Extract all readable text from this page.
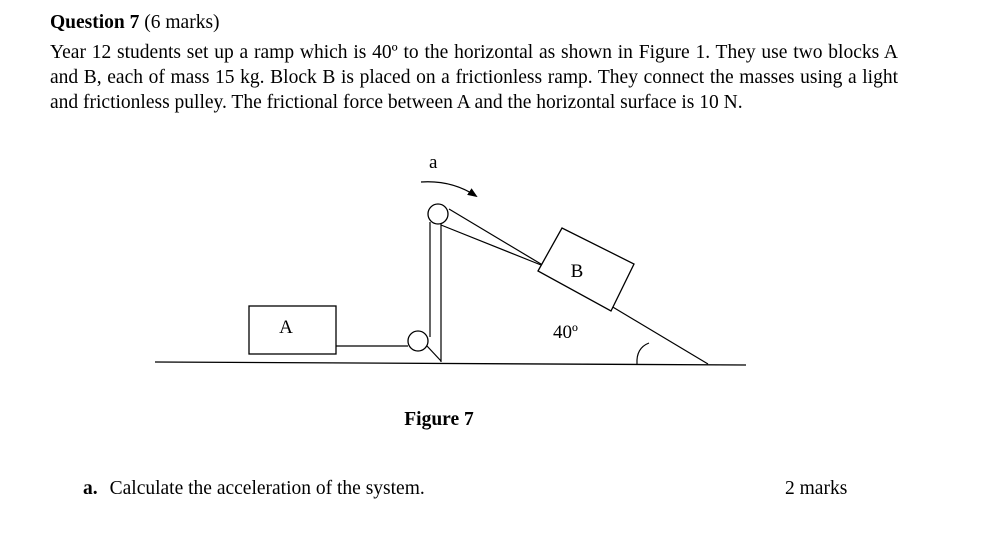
Question 7 (6 marks)
Year 12 students set up a ramp which is 40º to the horizontal as shown in Figure 1. They use two blocks A and B, each of mass 15 kg. Block B is placed on a frictionless ramp. They connect the masses using a light and frictionless pulley. The frictional force between A and the horizontal surface is 10 N.
A
B
40º
a
Figure 7
a. Calculate the acceleration of the system.	2 marks
